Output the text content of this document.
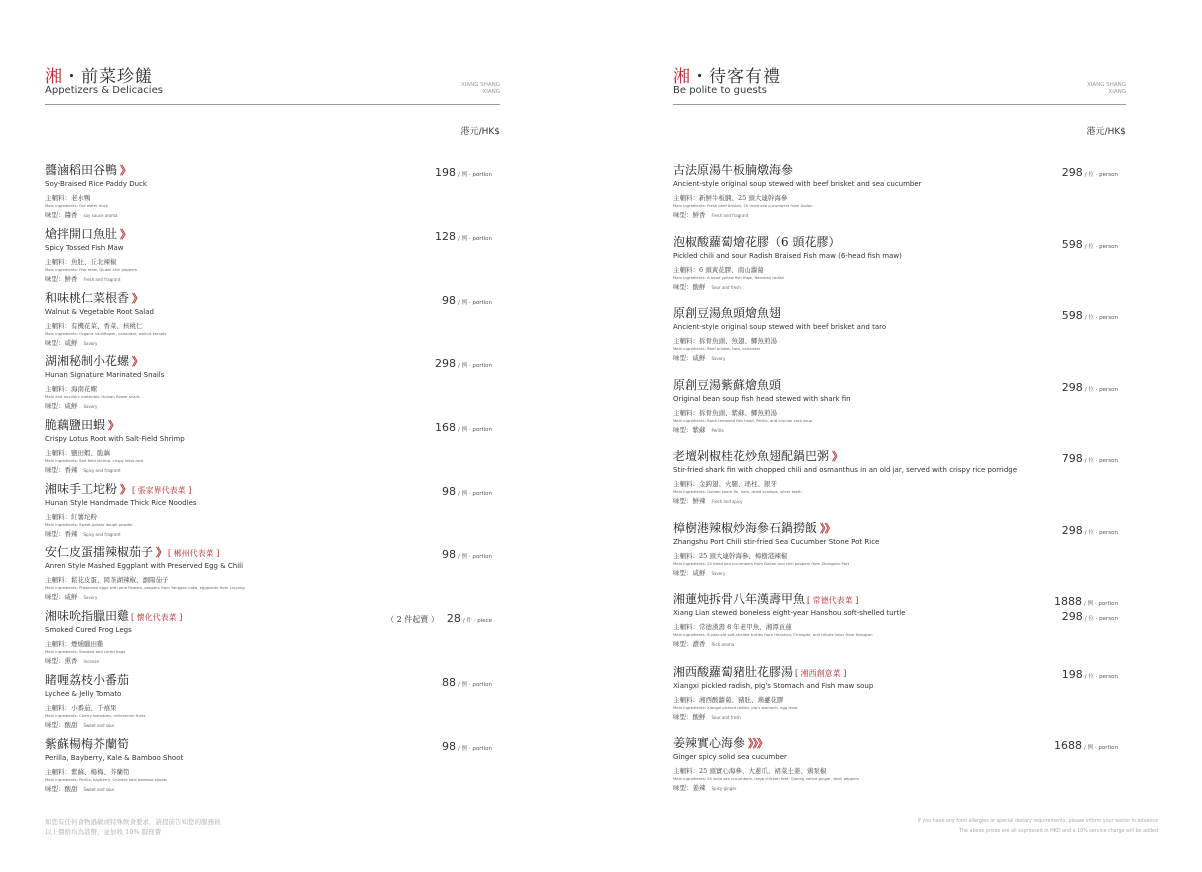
湘・前菜珍饈
Appetizers & Delicacies	XIANG SHANG
XIANG
港元/HK$
醬滷稻田谷鴨 》
Soy-Braised Rice Paddy Duck
主輔料：老水鴨
Main ingredients: Old water duck
味型：醬香 soy sauce aroma
198 / 例 · portion
熗拌開口魚肚 》
Spicy Tossed Fish Maw
主輔料：魚肚、丘北辣椒
Main ingredients: Fish maw, Qiubei chili peppers
味型：鮮香 Fresh and fragrant
128 / 例 · portion
和味桃仁菜根香 》
Walnut & Vegetable Root Salad
主輔料：有機花菜、香菜、核桃仁
Main ingredients: Organic cauliflower, coriander, walnut kernels
味型：咸鮮 Savory
98 / 例 · portion
湖湘秘制小花螺 》
Hunan Signature Marinated Snails
主輔料：海南花螺
Main and auxiliary materials: Hainan flower snails
味型：咸鮮 Savory
298 / 例 · portion
脆藕鹽田蝦 》
Crispy Lotus Root with Salt-Field Shrimp
主輔料：鹽田蝦、脆藕
Main ingredients: Salt field shrimp, crispy lotus root
味型：香辣 Spicy and fragrant
168 / 例 · portion
湘味手工坨粉 》 [ 張家界代表菜 ]
Hunan Style Handmade Thick Rice Noodles
主輔料：紅薯坨粉
Main ingredients: Sweet potato dough powder
味型：香辣 Spicy and fragrant
98 / 例 · portion
安仁皮蛋擂辣椒茄子 》 [ 郴州代表菜 ]
Anren Style Mashed Eggplant with Preserved Egg & Chili
主輔料：鬆花皮蛋、岡茶湖辣椒、瀏陽茄子
Main ingredients: Preserved eggs with pine flowers, peppers from Yanggan Lake, eggplants from Liuyang
味型：咸鮮 Savory
98 / 例 · portion
湘味吮指臘田雞 [ 懷化代表菜 ]
Smoked Cured Frog Legs
主輔料：煙燻臘田雞
Main ingredients: Smoked and cured frogs
味型：熏香 Incense
（ 2 件起賣 ） 28 / 件 · piece
睹喱荔枝小番茄
Lychee & Jelly Tomato
主輔料：小番茄、千禧果
Main ingredients: Cherry tomatoes, millennium fruits
味型：酸甜 Sweet and sour
88 / 例 · portion
紫蘇楊梅芥蘭筍
Perilla, Bayberry, Kale & Bamboo Shoot
主輔料：紫蘇、楊梅、芥蘭筍
Main ingredients: Perilla, bayberry, Chinese kale bamboo shoots
味型：酸甜 Sweet and sour
98 / 例 · portion
湘・待客有禮
Be polite to guests	XIANG SHANG
XIANG
港元/HK$
古法原湯牛板腩燉海參
Ancient-style original soup stewed with beef brisket and sea cucumber
主輔料：新鮮牛板腩、25 頭大連幹海參
Main ingredients: Fresh beef brisket, 25 dried sea cucumbers from Dalian
味型：鮮香 Fresh and fragrant
298 / 位 · person
泡椒酸蘿蔔燴花膠（6 頭花膠）
Pickled chili and sour Radish Braised Fish maw (6-head fish maw)
主輔料：6 頭黃花膠、南山蘿蔔
Main ingredients: 6-head yellow fish maw, Nanshan radish
味型：酸鮮 Sour and fresh
598 / 位 · person
原創豆湯魚頭燴魚翅
Ancient-style original soup stewed with beef brisket and taro
主輔料：拆骨魚頭、魚翅、鯽魚煎湯
Main ingredients: Beef brisket, taro, coriander
味型：咸鮮 Savory
598 / 位 · person
原創豆湯紫蘇燴魚頭
Original bean soup fish head stewed with shark fin
主輔料：拆骨魚頭、紫蘇、鯽魚煎湯
Main ingredients: Bone-removed fish head, Perilla, and crucian carp soup
味型：紫蘇 Perilla
298 / 位 · person
老壇剁椒桂花炒魚翅配鍋巴粥 》
Stir-fried shark fin with chopped chili and osmanthus in an old jar, served with crispy rice porridge
主輔料：金鈎翅、火腿、瑤柱、銀牙
Main ingredients: Golden shark fin, ham, dried scallops, silver teeth
味型：鮮辣 Fresh and spicy
798 / 位 · person
樟樹港辣椒炒海參石鍋撈飯 》》
Zhangshu Port Chili stir-fried Sea Cucumber Stone Pot Rice
主輔料：25 頭大連幹海參、樟樹港辣椒
Main ingredients: 25 dried sea cucumbers from Dalian and chili peppers from Zhangshu Port
味型：咸鮮 Savory
298 / 位 · person
湘蓮炖拆骨八年漢壽甲魚 [ 常德代表菜 ]
Xiang Lian stewed boneless eight-year Hanshou soft-shelled turtle
主輔料：常德漢壽 8 年老甲魚、湘潭貢蓮
Main ingredients: 8-year-old soft-shelled turtles from Hanshou, Changde, and tribute lotus from Xiangtan
味型：濃香 Rich aroma
1888 / 例 · portion
298 / 位 · person
湘西酸蘿蔔豬肚花膠湯 [ 湘西創意菜 ]
Xiangxi pickled radish, pig's Stomach and Fish maw soup
主輔料：湘西酸蘿蔔、豬肚、鶏薹花膠
Main ingredients: Xiangxi pickled radish, pig's stomach, egg maw
味型：酸鮮 Sour and fresh
198 / 位 · person
姜辣實心海參 》》》
Ginger spicy solid sea cucumber
主輔料：25 頭實心海參、大蔥爪、裙菜土姜、鶏泵椒
Main ingredients: 25 solid sea cucumbers, large chicken feet, Qidong native ginger, devil peppers
味型：姜辣 Spicy ginger
1688 / 例 · portion
如您有任何食物過敏或特殊飲食要求，請提前告知您的服務員
以上價格均為港幣，並加收 10% 服務費
If you have any food allergies or special dietary requirements, please inform your waiter in advance
The above prices are all expressed in HKD and a 10% service charge will be added
